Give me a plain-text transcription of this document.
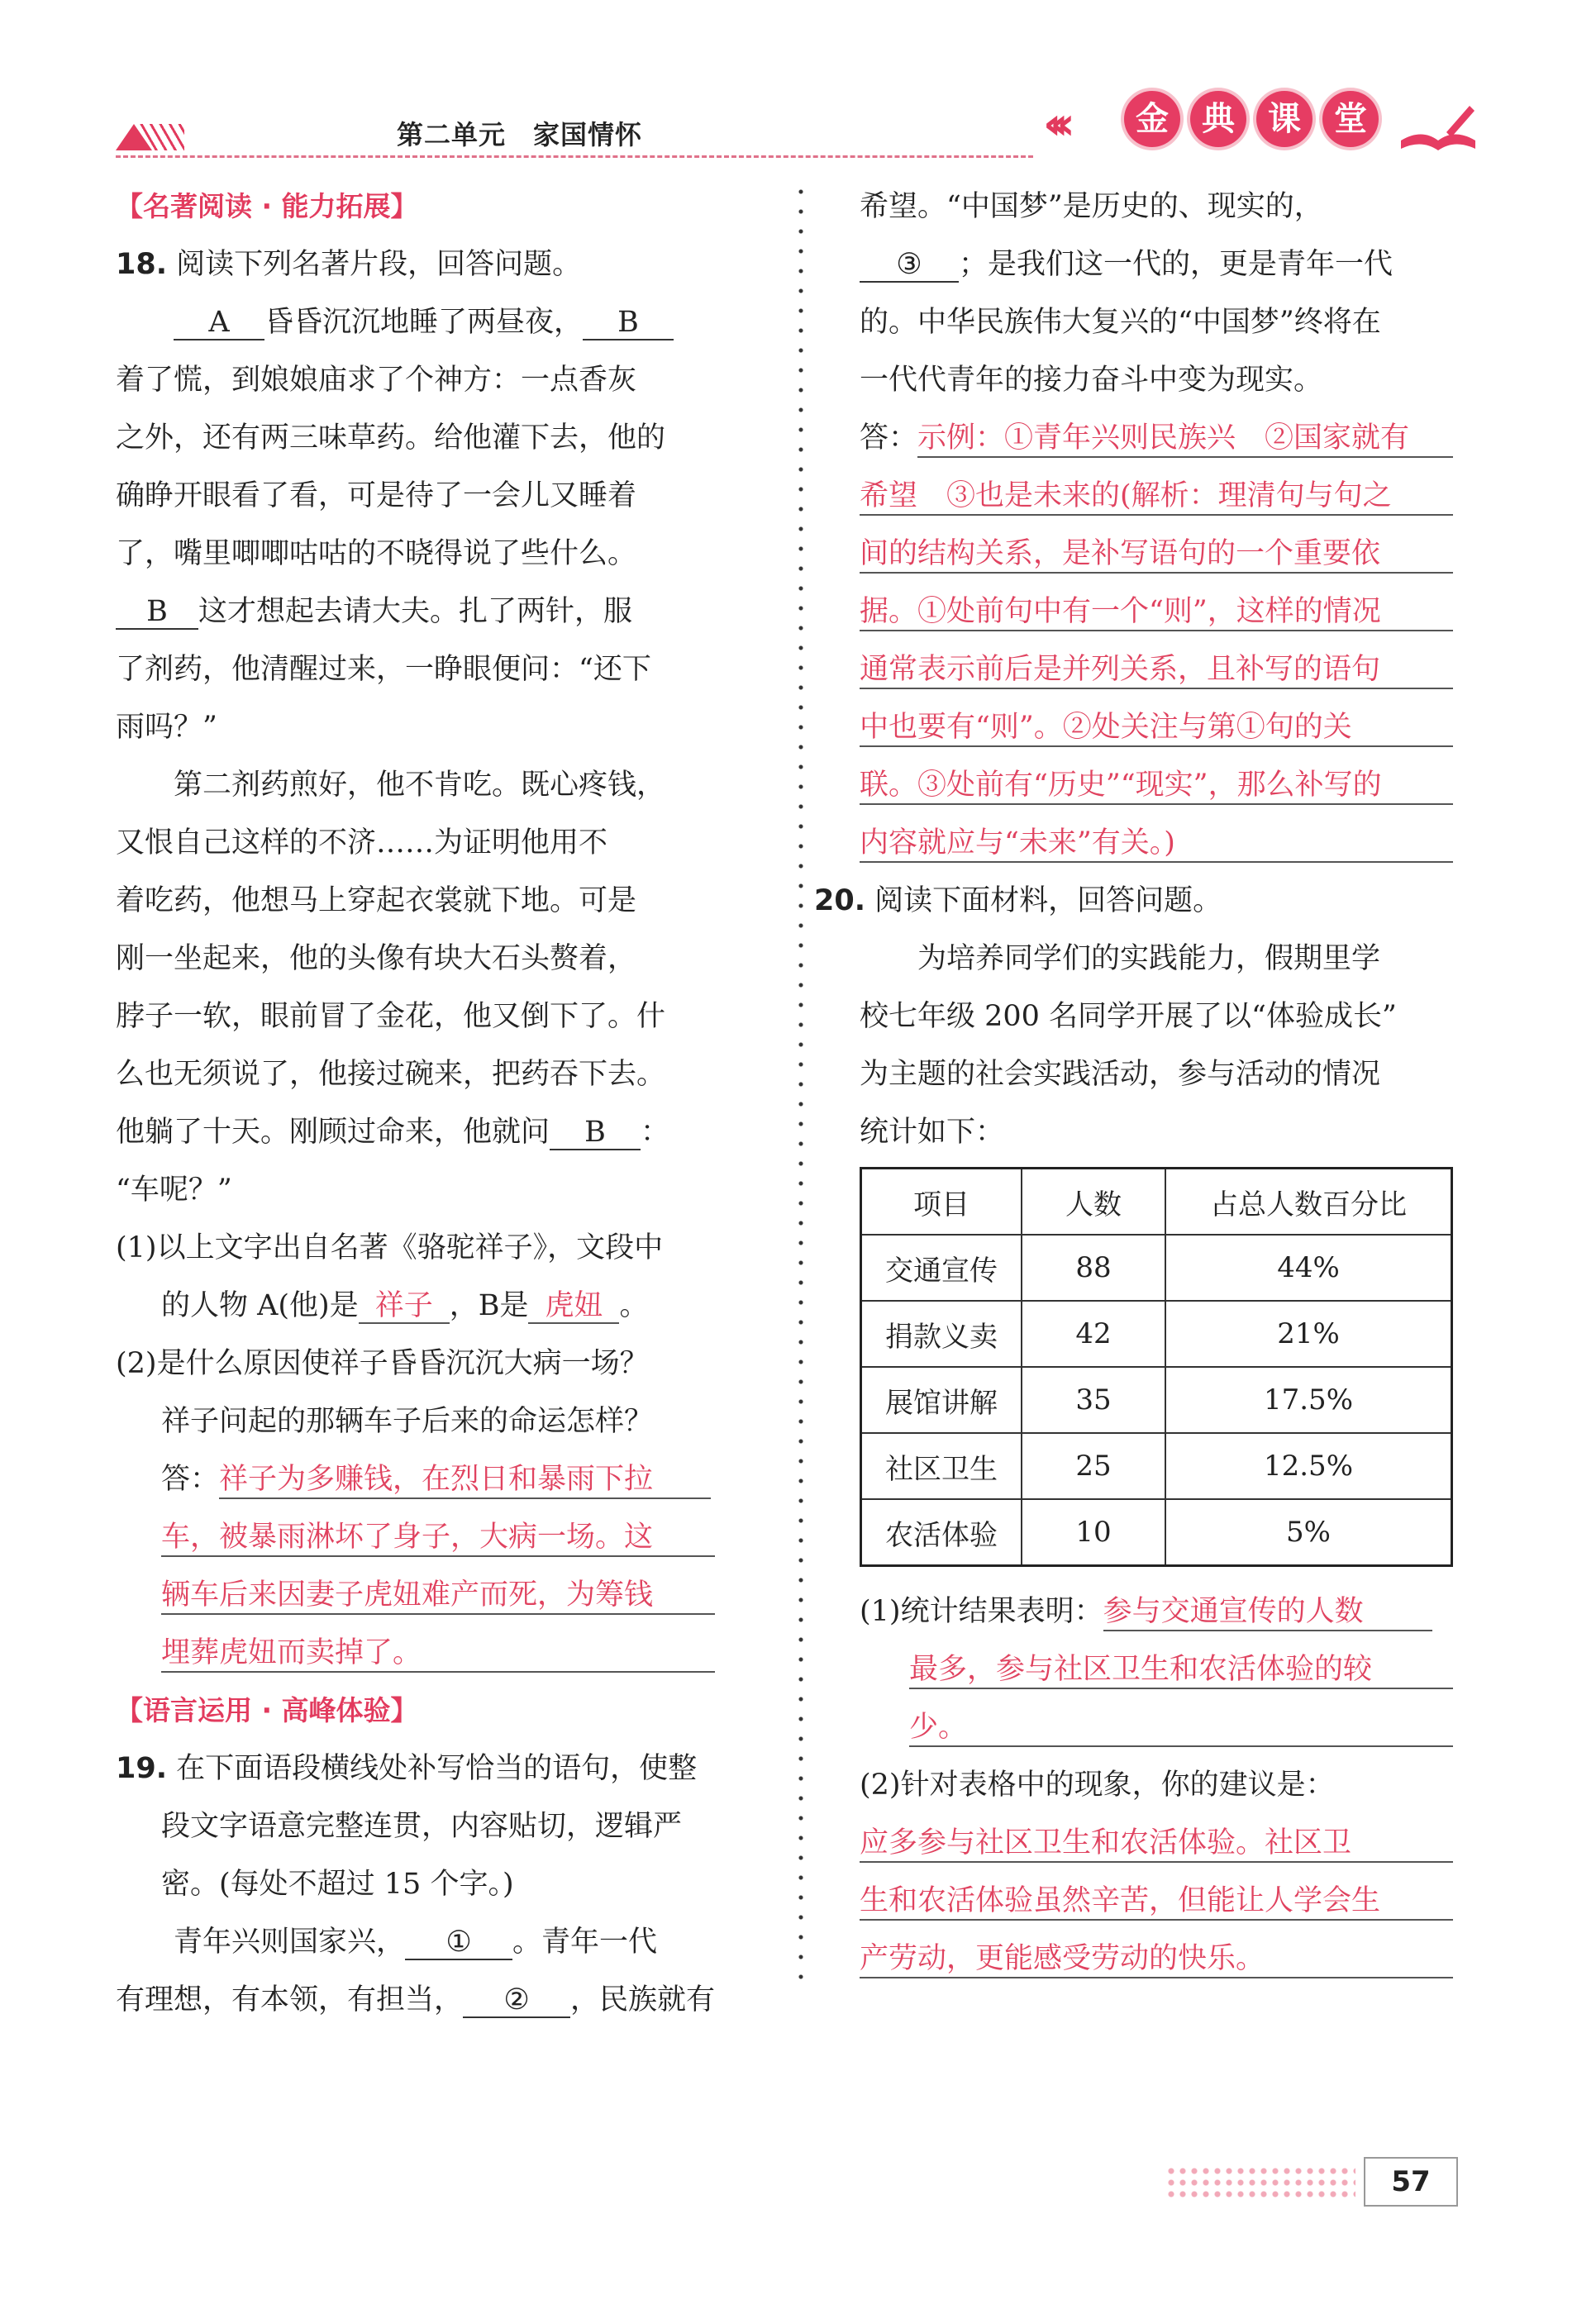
第二单元　家国情怀	‹‹‹	金	典	课	堂
【名著阅读 · 能力拓展】
18. 阅读下列名著片段，回答问题。
A 昏昏沉沉地睡了两昼夜， B
着了慌，到娘娘庙求了个神方：一点香灰
之外，还有两三味草药。给他灌下去，他的
确睁开眼看了看，可是待了一会儿又睡着
了，嘴里唧唧咕咕的不晓得说了些什么。
B 这才想起去请大夫。扎了两针，服
了剂药，他清醒过来，一睁眼便问：“还下
雨吗？”
第二剂药煎好，他不肯吃。既心疼钱，
又恨自己这样的不济……为证明他用不
着吃药，他想马上穿起衣裳就下地。可是
刚一坐起来，他的头像有块大石头赘着，
脖子一软，眼前冒了金花，他又倒下了。什
么也无须说了，他接过碗来，把药吞下去。
他躺了十天。刚顾过命来，他就问 B ：
“车呢？”
(1)以上文字出自名著《骆驼祥子》，文段中
的人物 A(他)是 祥子 ，B是 虎妞 。
(2)是什么原因使祥子昏昏沉沉大病一场？
祥子问起的那辆车子后来的命运怎样？
答：祥子为多赚钱，在烈日和暴雨下拉
车，被暴雨淋坏了身子，大病一场。这
辆车后来因妻子虎妞难产而死，为筹钱
埋葬虎妞而卖掉了。
【语言运用 · 高峰体验】
19. 在下面语段横线处补写恰当的语句，使整
段文字语意完整连贯，内容贴切，逻辑严
密。(每处不超过 15 个字。)
青年兴则国家兴， ① 。青年一代
有理想，有本领，有担当， ② ，民族就有
希望。“中国梦”是历史的、现实的，
③ ；是我们这一代的，更是青年一代
的。中华民族伟大复兴的“中国梦”终将在
一代代青年的接力奋斗中变为现实。
答：示例：①青年兴则民族兴　②国家就有
希望　③也是未来的(解析：理清句与句之
间的结构关系，是补写语句的一个重要依
据。①处前句中有一个“则”，这样的情况
通常表示前后是并列关系，且补写的语句
中也要有“则”。②处关注与第①句的关
联。③处前有“历史”“现实”，那么补写的
内容就应与“未来”有关。)
20. 阅读下面材料，回答问题。
为培养同学们的实践能力，假期里学
校七年级 200 名同学开展了以“体验成长”
为主题的社会实践活动，参与活动的情况
统计如下：
项目	人数	占总人数百分比
交通宣传	88	44%
捐款义卖	42	21%
展馆讲解	35	17.5%
社区卫生	25	12.5%
农活体验	10	5%
(1)统计结果表明：参与交通宣传的人数
最多，参与社区卫生和农活体验的较
少。
(2)针对表格中的现象，你的建议是：
应多参与社区卫生和农活体验。社区卫
生和农活体验虽然辛苦，但能让人学会生
产劳动，更能感受劳动的快乐。
57
